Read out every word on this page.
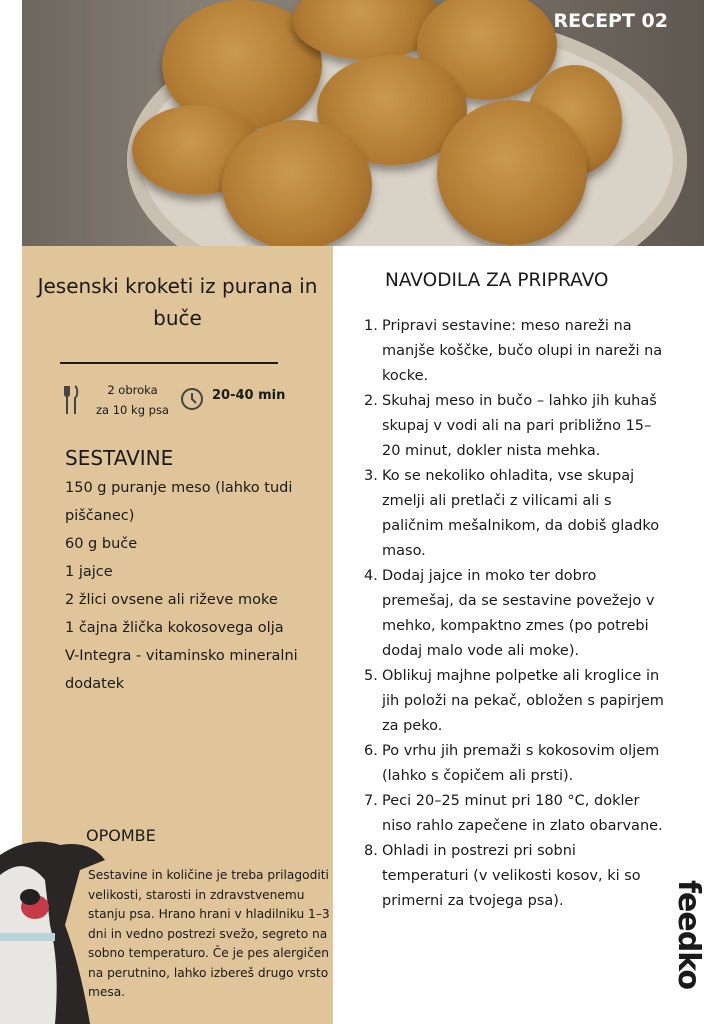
RECEPT 02
Jesenski kroketi iz purana in buče
2 obroka
za 10 kg psa
20-40 min
SESTAVINE
150 g puranje meso (lahko tudi piščanec)
60 g buče
1 jajce
2 žlici ovsene ali riževe moke
1 čajna žlička kokosovega olja
V-Integra - vitaminsko mineralni dodatek
OPOMBE
Sestavine in količine je treba prilagoditi velikosti, starosti in zdravstvenemu stanju psa. Hrano hrani v hladilniku 1–3 dni in vedno postrezi svežo, segreto na sobno temperaturo. Če je pes alergičen na perutnino, lahko izbereš drugo vrsto mesa.
NAVODILA ZA PRIPRAVO
1. Pripravi sestavine: meso nareži na manjše koščke, bučo olupi in nareži na kocke.
2. Skuhaj meso in bučo – lahko jih kuhaš skupaj v vodi ali na pari približno 15–20 minut, dokler nista mehka.
3. Ko se nekoliko ohladita, vse skupaj zmelji ali pretlači z vilicami ali s paličnim mešalnikom, da dobiš gladko maso.
4. Dodaj jajce in moko ter dobro premešaj, da se sestavine povežejo v mehko, kompaktno zmes (po potrebi dodaj malo vode ali moke).
5. Oblikuj majhne polpetke ali kroglice in jih položi na pekač, obložen s papirjem za peko.
6. Po vrhu jih premaži s kokosovim oljem (lahko s čopičem ali prsti).
7. Peci 20–25 minut pri 180 °C, dokler niso rahlo zapečene in zlato obarvane.
8. Ohladi in postrezi pri sobni temperaturi (v velikosti kosov, ki so primerni za tvojega psa).	feedko
